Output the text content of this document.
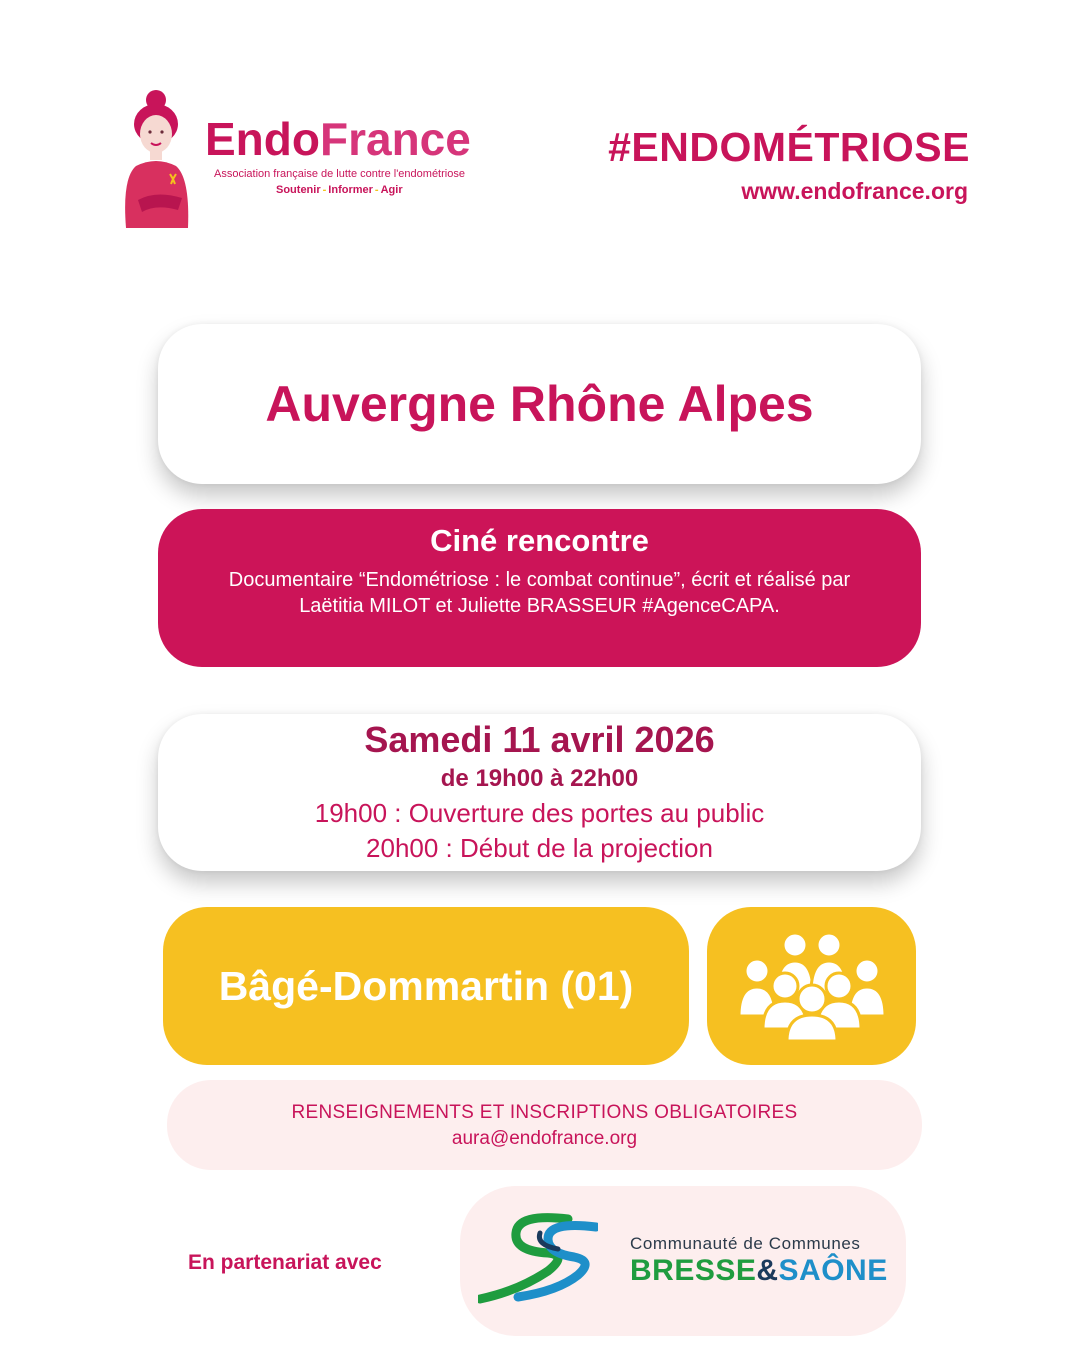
EndoFrance
Association française de lutte contre l'endométriose
Soutenir - Informer - Agir
#ENDOMÉTRIOSE
www.endofrance.org
Auvergne Rhône Alpes
Ciné rencontre
Documentaire “Endométriose : le combat continue”, écrit et réalisé par Laëtitia MILOT et Juliette BRASSEUR #AgenceCAPA.
Samedi 11 avril 2026
de 19h00 à 22h00
19h00 : Ouverture des portes au public
20h00 : Début de la projection
Bâgé-Dommartin (01)
RENSEIGNEMENTS ET INSCRIPTIONS OBLIGATOIRES
aura@endofrance.org
En partenariat avec
Communauté de Communes
BRESSE&SAÔNE
